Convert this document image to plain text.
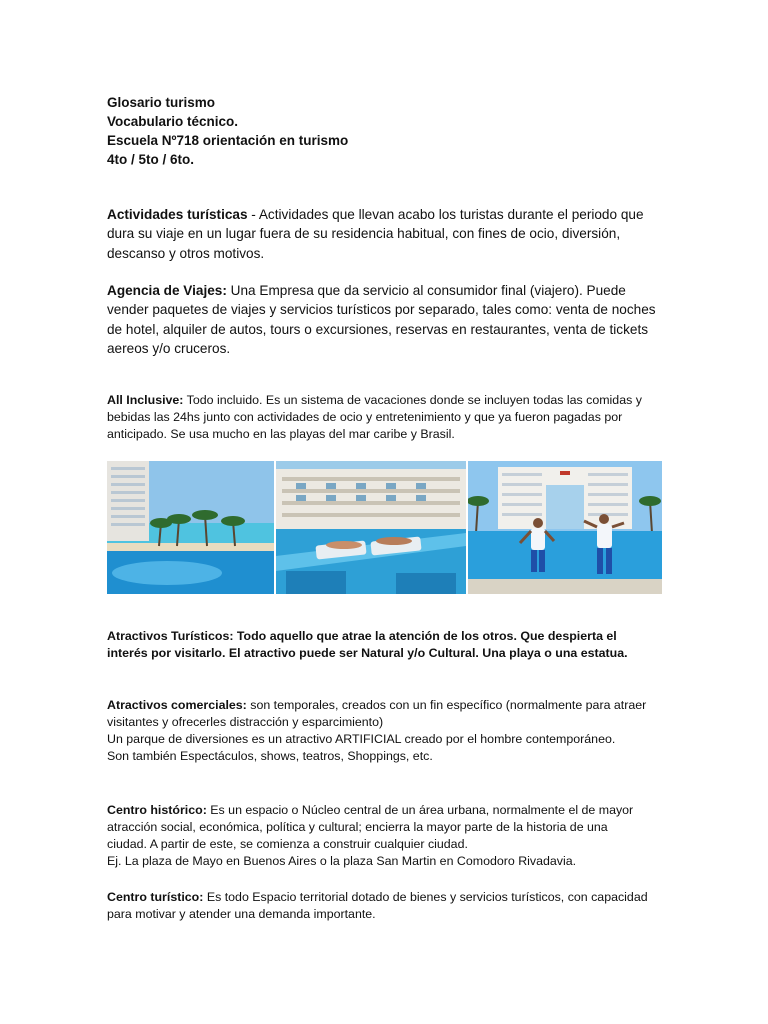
Glosario turismo
Vocabulario técnico.
Escuela Nº718 orientación en turismo
4to / 5to / 6to.
Actividades turísticas - Actividades que llevan acabo los turistas durante el periodo que dura su viaje en un lugar fuera de su residencia habitual, con fines de ocio, diversión, descanso y otros motivos.
Agencia de Viajes: Una Empresa que da servicio al consumidor final (viajero). Puede vender paquetes de viajes y servicios turísticos por separado, tales como: venta de noches de hotel, alquiler de autos, tours o excursiones, reservas en restaurantes, venta de tickets aereos y/o cruceros.
All Inclusive: Todo incluido. Es un sistema de vacaciones donde se incluyen todas las comidas y bebidas las 24hs junto con actividades de ocio y entretenimiento y que ya fueron pagadas por anticipado. Se usa mucho en las playas del mar caribe y Brasil.
Atractivos Turísticos: Todo aquello que atrae la atención de los otros. Que despierta el interés por visitarlo. El atractivo puede ser Natural y/o Cultural. Una playa o una estatua.
Atractivos comerciales: son temporales, creados con un fin específico (normalmente para atraer visitantes y ofrecerles distracción y esparcimiento)
Un parque de diversiones es un atractivo ARTIFICIAL creado por el hombre contemporáneo.
Son también Espectáculos, shows, teatros, Shoppings, etc.
Centro histórico: Es un espacio o Núcleo central de un área urbana, normalmente el de mayor atracción social, económica, política y cultural; encierra la mayor parte de la historia de una ciudad. A partir de este, se comienza a construir cualquier ciudad.
Ej. La plaza de Mayo en Buenos Aires o la plaza San Martin en Comodoro Rivadavia.
Centro turístico: Es todo Espacio territorial dotado de bienes y servicios turísticos, con capacidad para motivar y atender una demanda importante.
